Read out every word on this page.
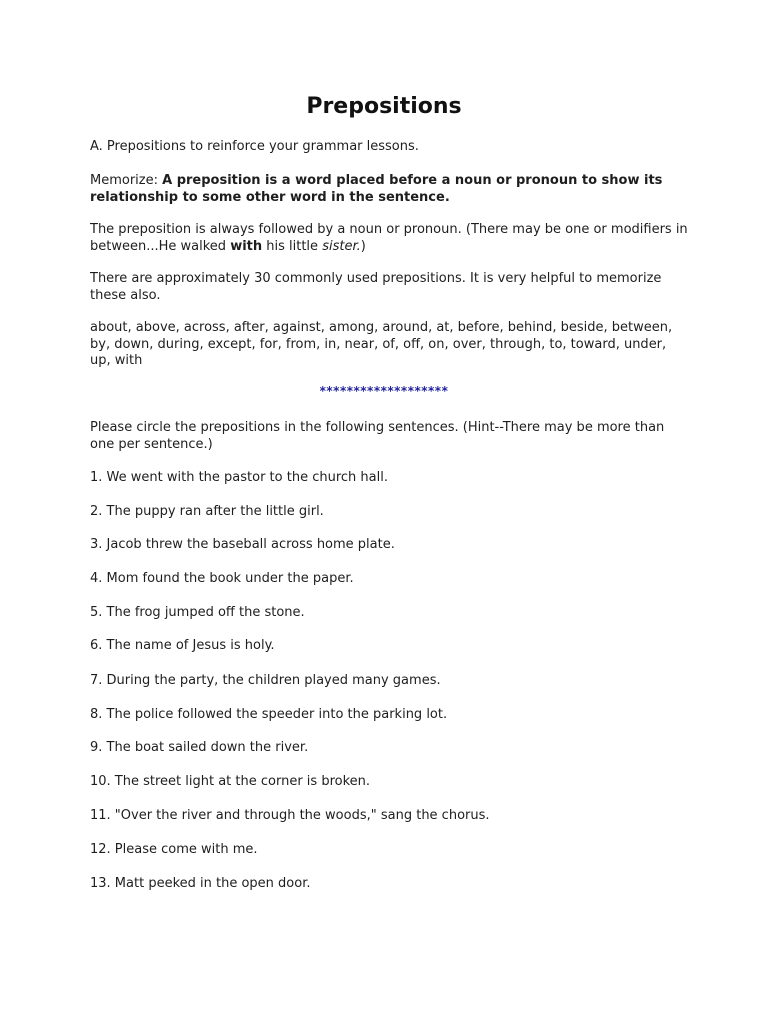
Prepositions

A. Prepositions to reinforce your grammar lessons.

Memorize: A preposition is a word placed before a noun or pronoun to show its relationship to some other word in the sentence.

The preposition is always followed by a noun or pronoun. (There may be one or modifiers in between...He walked with his little sister.)

There are approximately 30 commonly used prepositions. It is very helpful to memorize these also.

about, above, across, after, against, among, around, at, before, behind, beside, between, by, down, during, except, for, from, in, near, of, off, on, over, through, to, toward, under, up, with

*******************

Please circle the prepositions in the following sentences. (Hint--There may be more than one per sentence.)

1. We went with the pastor to the church hall.

2. The puppy ran after the little girl.

3. Jacob threw the baseball across home plate.

4. Mom found the book under the paper.

5. The frog jumped off the stone.

6. The name of Jesus is holy.

7. During the party, the children played many games.

8. The police followed the speeder into the parking lot.

9. The boat sailed down the river.

10. The street light at the corner is broken.

11. "Over the river and through the woods," sang the chorus.

12. Please come with me.

13. Matt peeked in the open door.
